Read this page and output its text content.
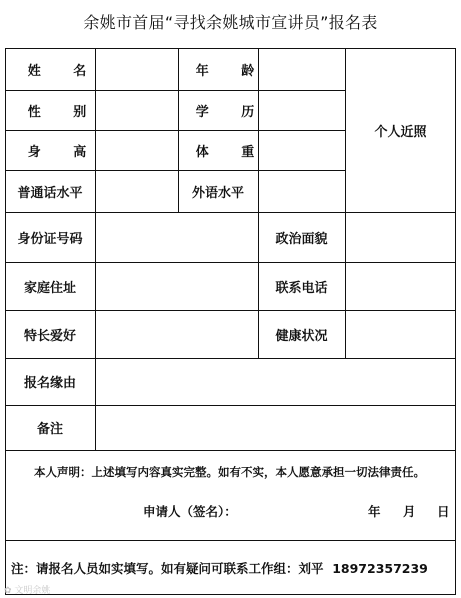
余姚市首届“寻找余姚城市宣讲员”报名表
姓 名	年 龄
个人近照
性 别	学 历
身 高	体 重
普通话水平	外语水平
身份证号码	政治面貌
家庭住址	联系电话
特长爱好	健康状况
报名缘由
备注
本人声明：上述填写内容真实完整。如有不实，本人愿意承担一切法律责任。
申请人（签名）：	年 月 日
注：请报名人员如实填写。如有疑问可联系工作组：刘平  18972357239
✿ 文明余姚
